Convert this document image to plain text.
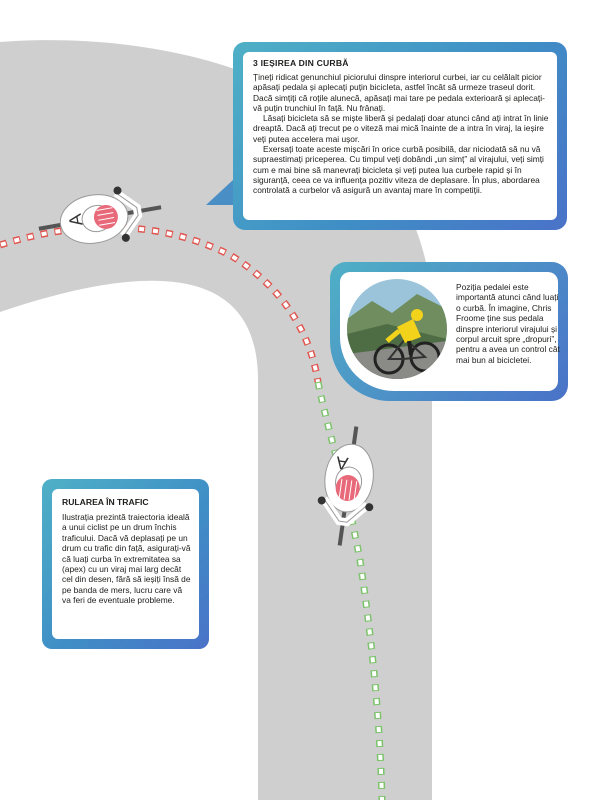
A
A
3 IEȘIREA DIN CURBĂ

Țineți ridicat genunchiul piciorului dinspre interiorul curbei, iar cu celălalt picior apăsați pedala și aplecați puțin bicicleta, astfel încât să urmeze traseul dorit. Dacă simțiți că roțile alunecă, apăsați mai tare pe pedala exterioară și aplecați-vă puțin trunchiul în față. Nu frânați.

Lăsați bicicleta să se miște liberă și pedalați doar atunci când ați intrat în linie dreaptă. Dacă ați trecut pe o viteză mai mică înainte de a intra în viraj, la ieșire veți putea accelera mai ușor.

Exersați toate aceste mișcări în orice curbă posibilă, dar niciodată să nu vă supraestimați priceperea. Cu timpul veți dobândi „un simț” al virajului, veți simți cum e mai bine să manevrați bicicleta și veți putea lua curbele rapid și în siguranță, ceea ce va influența pozitiv viteza de deplasare. În plus, abordarea controlată a curbelor vă asigură un avantaj mare în competiții.

Poziția pedalei este importantă atunci când luați o curbă. În imagine, Chris Froome ține sus pedala dinspre interiorul virajului și corpul arcuit spre „dropuri”, pentru a avea un control cât mai bun al bicicletei.

RULAREA ÎN TRAFIC

Ilustrația prezintă traiectoria ideală a unui ciclist pe un drum închis traficului. Dacă vă deplasați pe un drum cu trafic din față, asigurați-vă că luați curba în extremitatea sa (apex) cu un viraj mai larg decât cel din desen, fără să ieșiți însă de pe banda de mers, lucru care vă va feri de eventuale probleme.
